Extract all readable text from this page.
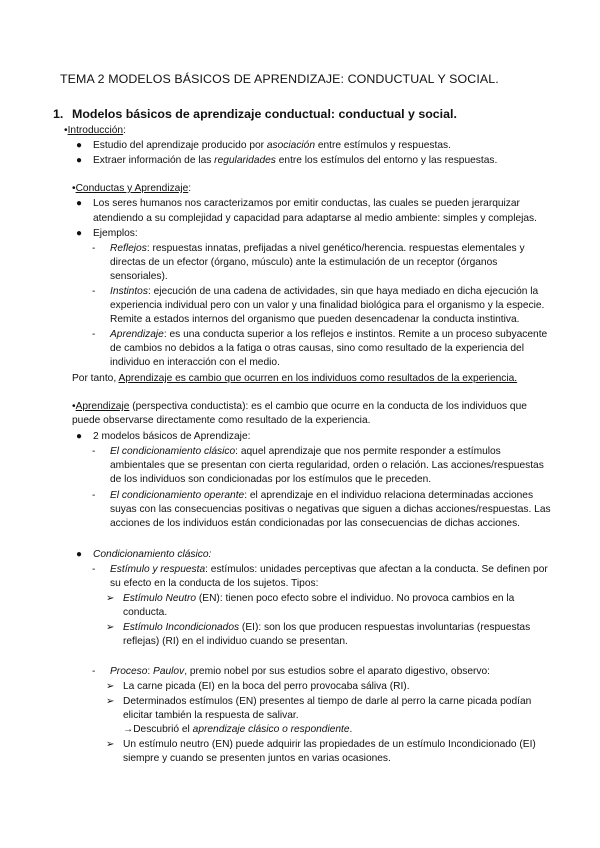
TEMA 2 MODELOS BÁSICOS DE APRENDIZAJE: CONDUCTUAL Y SOCIAL.
1. Modelos básicos de aprendizaje conductual: conductual y social.
•Introducción:
● Estudio del aprendizaje producido por asociación entre estímulos y respuestas.
● Extraer información de las regularidades entre los estímulos del entorno y las respuestas.
•Conductas y Aprendizaje:
● Los seres humanos nos caracterizamos por emitir conductas, las cuales se pueden jerarquizar
atendiendo a su complejidad y capacidad para adaptarse al medio ambiente: simples y complejas.
● Ejemplos:
- Reflejos: respuestas innatas, prefijadas a nivel genético/herencia. respuestas elementales y
directas de un efector (órgano, músculo) ante la estimulación de un receptor (órganos
sensoriales).
- Instintos: ejecución de una cadena de actividades, sin que haya mediado en dicha ejecución la
experiencia individual pero con un valor y una finalidad biológica para el organismo y la especie.
Remite a estados internos del organismo que pueden desencadenar la conducta instintiva.
- Aprendizaje: es una conducta superior a los reflejos e instintos. Remite a un proceso subyacente
de cambios no debidos a la fatiga o otras causas, sino como resultado de la experiencia del
individuo en interacción con el medio.
Por tanto, Aprendizaje es cambio que ocurren en los individuos como resultados de la experiencia.
•Aprendizaje (perspectiva conductista): es el cambio que ocurre en la conducta de los individuos que
puede observarse directamente como resultado de la experiencia.
● 2 modelos básicos de Aprendizaje:
- El condicionamiento clásico: aquel aprendizaje que nos permite responder a estímulos
ambientales que se presentan con cierta regularidad, orden o relación. Las acciones/respuestas
de los individuos son condicionadas por los estímulos que le preceden.
- El condicionamiento operante: el aprendizaje en el individuo relaciona determinadas acciones
suyas con las consecuencias positivas o negativas que siguen a dichas acciones/respuestas. Las
acciones de los individuos están condicionadas por las consecuencias de dichas acciones.
● Condicionamiento clásico:
- Estímulo y respuesta: estímulos: unidades perceptivas que afectan a la conducta. Se definen por
su efecto en la conducta de los sujetos. Tipos:
➢ Estímulo Neutro (EN): tienen poco efecto sobre el individuo. No provoca cambios en la
conducta.
➢ Estímulo Incondicionados (EI): son los que producen respuestas involuntarias (respuestas
reflejas) (RI) en el individuo cuando se presentan.
- Proceso: Paulov, premio nobel por sus estudios sobre el aparato digestivo, observo:
➢ La carne picada (EI) en la boca del perro provocaba sáliva (RI).
➢ Determinados estímulos (EN) presentes al tiempo de darle al perro la carne picada podían
elicitar también la respuesta de salivar.
→Descubrió el aprendizaje clásico o respondiente.
➢ Un estímulo neutro (EN) puede adquirir las propiedades de un estímulo Incondicionado (EI)
siempre y cuando se presenten juntos en varias ocasiones.
